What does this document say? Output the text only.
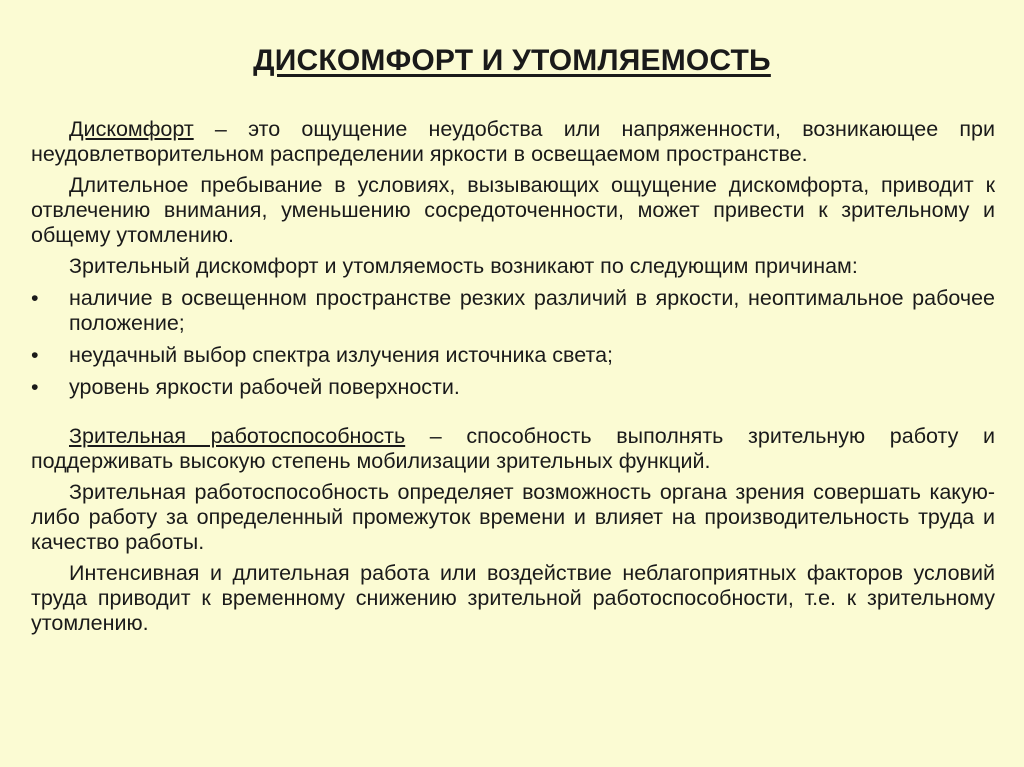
ДИСКОМФОРТ И УТОМЛЯЕМОСТЬ

Дискомфорт – это ощущение неудобства или напряженности, возникающее при неудовлетворительном распределении яркости в освещаемом пространстве.

Длительное пребывание в условиях, вызывающих ощущение дискомфорта, приводит к отвлечению внимания, уменьшению сосредоточенности, может привести к зрительному и общему утомлению.

Зрительный дискомфорт и утомляемость возникают по следующим причинам:

• наличие в освещенном пространстве резких различий в яркости, неоптимальное рабочее положение;
• неудачный выбор спектра излучения источника света;
• уровень яркости рабочей поверхности.

Зрительная работоспособность – способность выполнять зрительную работу и поддерживать высокую степень мобилизации зрительных функций.

Зрительная работоспособность определяет возможность органа зрения совершать какую-либо работу за определенный промежуток времени и влияет на производительность труда и качество работы.

Интенсивная и длительная работа или воздействие неблагоприятных факторов условий труда приводит к временному снижению зрительной работоспособности, т.е. к зрительному утомлению.
